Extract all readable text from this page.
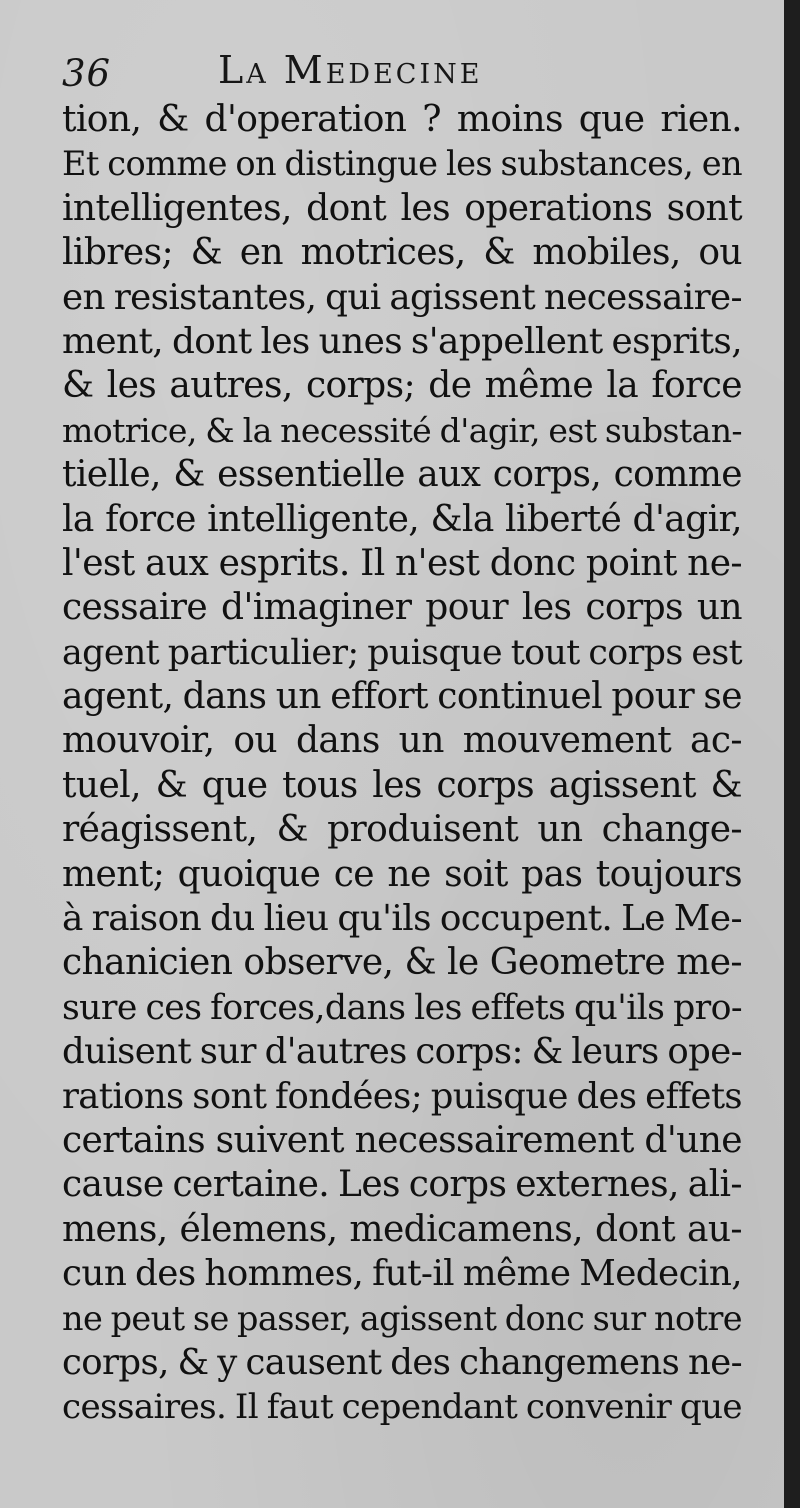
36	La Medecine
tion, & d'operation ? moins que rien.
Et comme on distingue les substances, en
intelligentes, dont les operations sont
libres; & en motrices, & mobiles, ou
en resistantes, qui agissent necessaire-
ment, dont les unes s'appellent esprits,
& les autres, corps; de même la force
motrice, & la necessité d'agir, est substan-
tielle, & essentielle aux corps, comme
la force intelligente, &la liberté d'agir,
l'est aux esprits. Il n'est donc point ne-
cessaire d'imaginer pour les corps un
agent particulier; puisque tout corps est
agent, dans un effort continuel pour se
mouvoir, ou dans un mouvement ac-
tuel, & que tous les corps agissent &
réagissent, & produisent un change-
ment; quoique ce ne soit pas toujours
à raison du lieu qu'ils occupent. Le Me-
chanicien observe, & le Geometre me-
sure ces forces,dans les effets qu'ils pro-
duisent sur d'autres corps: & leurs ope-
rations sont fondées; puisque des effets
certains suivent necessairement d'une
cause certaine. Les corps externes, ali-
mens, élemens, medicamens, dont au-
cun des hommes, fut-il même Medecin,
ne peut se passer, agissent donc sur notre
corps, & y causent des changemens ne-
cessaires. Il faut cependant convenir que
